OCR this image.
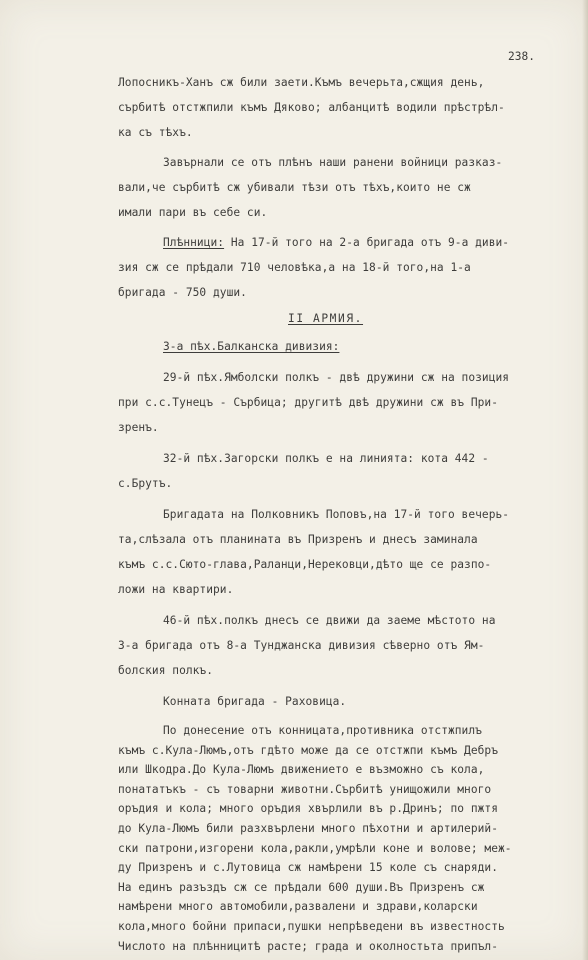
238.
Лопосникъ-Ханъ сж били заети.Къмъ вечерьта,сжщия день,
сърбитѣ отстжпили къмъ Дяково; албанцитѣ водили прѣстрѣл-
ка съ тѣхъ.
Завърнали се отъ плѣнъ наши ранени войници разказ-
вали,че сърбитѣ сж убивали тѣзи отъ тѣхъ,които не сж
имали пари въ себе си.
Плѣнници: На 17-й того на 2-а бригада отъ 9-а диви-
зия сж се прѣдали 710 человѣка,а на 18-й того,на 1-а
бригада - 750 души.
II АРМИЯ.
3-а пѣх.Балканска дивизия:
29-й пѣх.Ямболски полкъ - двѣ дружини сж на позиция
при с.с.Тунецъ - Сърбица; другитѣ двѣ дружини сж въ При-
зренъ.
32-й пѣх.Загорски полкъ е на линията: кота 442 -
с.Брутъ.
Бригадата на Полковникъ Поповъ,на 17-й того вечерь-
та,слѣзала отъ планината въ Призренъ и днесъ заминала
къмъ с.с.Сюто-глава,Раланци,Нерековци,дѣто ще се разпо-
ложи на квартири.
46-й пѣх.полкъ днесъ се движи да заеме мѣстото на
3-а бригада отъ 8-а Тунджанска дивизия сѣверно отъ Ям-
болския полкъ.
Конната бригада - Раховица.
По донесение отъ конницата,противника отстжпилъ
къмъ с.Кула-Люмъ,отъ гдѣто може да се отстжпи къмъ Дебръ
или Шкодра.До Кула-Люмъ движението е възможно съ кола,
понататъкъ - съ товарни животни.Сърбитѣ унищожили много
оръдия и кола; много оръдия хвърлили въ р.Дринъ; по пжтя
до Кула-Люмъ били разхвърлени много пѣхотни и артилерий-
ски патрони,изгорени кола,ракли,умрѣли коне и волове; меж-
ду Призренъ и с.Лутовица сж намѣрени 15 коле съ снаряди.
На единъ разъздъ сж се прѣдали 600 души.Въ Призренъ сж
намѣрени много автомобили,развалени и здрави,коларски
кола,много бойни припаси,пушки непрѣведени въ известность
Числото на плѣнницитѣ расте; града и околностьта припъл-
